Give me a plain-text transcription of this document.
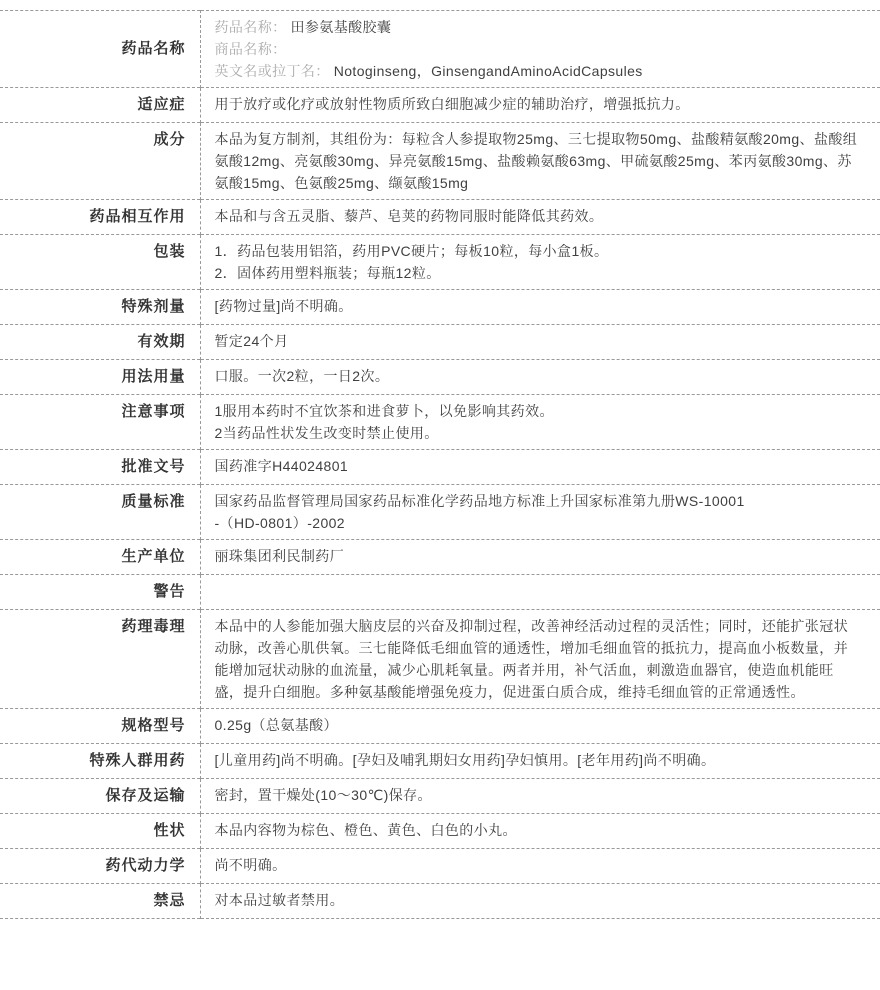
药品名称	药品名称： 田参氨基酸胶囊
商品名称：
英文名或拉丁名： Notoginseng，GinsengandAminoAcidCapsules

适应症	用于放疗或化疗或放射性物质所致白细胞减少症的辅助治疗，增强抵抗力。
成分	本品为复方制剂，其组份为：每粒含人参提取物25mg、三七提取物50mg、盐酸精氨酸20mg、盐酸组氨酸12mg、亮氨酸30mg、异亮氨酸15mg、盐酸赖氨酸63mg、甲硫氨酸25mg、苯丙氨酸30mg、苏氨酸15mg、色氨酸25mg、缬氨酸15mg
药品相互作用	本品和与含五灵脂、藜芦、皂荚的药物同服时能降低其药效。
包装	1．药品包装用铝箔，药用PVC硬片；每板10粒，每小盒1板。
2．固体药用塑料瓶装；每瓶12粒。

特殊剂量	[药物过量]尚不明确。
有效期	暂定24个月
用法用量	口服。一次2粒，一日2次。
注意事项	1服用本药时不宜饮茶和进食萝卜，以免影响其药效。
2当药品性状发生改变时禁止使用。

批准文号	国药准字H44024801
质量标准	国家药品监督管理局国家药品标准化学药品地方标准上升国家标准第九册WS-10001
-（HD-0801）-2002

生产单位	丽珠集团利民制药厂
警告	
药理毒理	本品中的人参能加强大脑皮层的兴奋及抑制过程，改善神经活动过程的灵活性；同时，还能扩张冠状动脉，改善心肌供氧。三七能降低毛细血管的通透性，增加毛细血管的抵抗力，提高血小板数量，并能增加冠状动脉的血流量，减少心肌耗氧量。两者并用，补气活血，刺激造血器官，使造血机能旺盛，提升白细胞。多种氨基酸能增强免疫力，促进蛋白质合成，维持毛细血管的正常通透性。
规格型号	0.25g（总氨基酸）
特殊人群用药	[儿童用药]尚不明确。[孕妇及哺乳期妇女用药]孕妇慎用。[老年用药]尚不明确。
保存及运输	密封，置干燥处(10～30℃)保存。
性状	本品内容物为棕色、橙色、黄色、白色的小丸。
药代动力学	尚不明确。
禁忌	对本品过敏者禁用。
